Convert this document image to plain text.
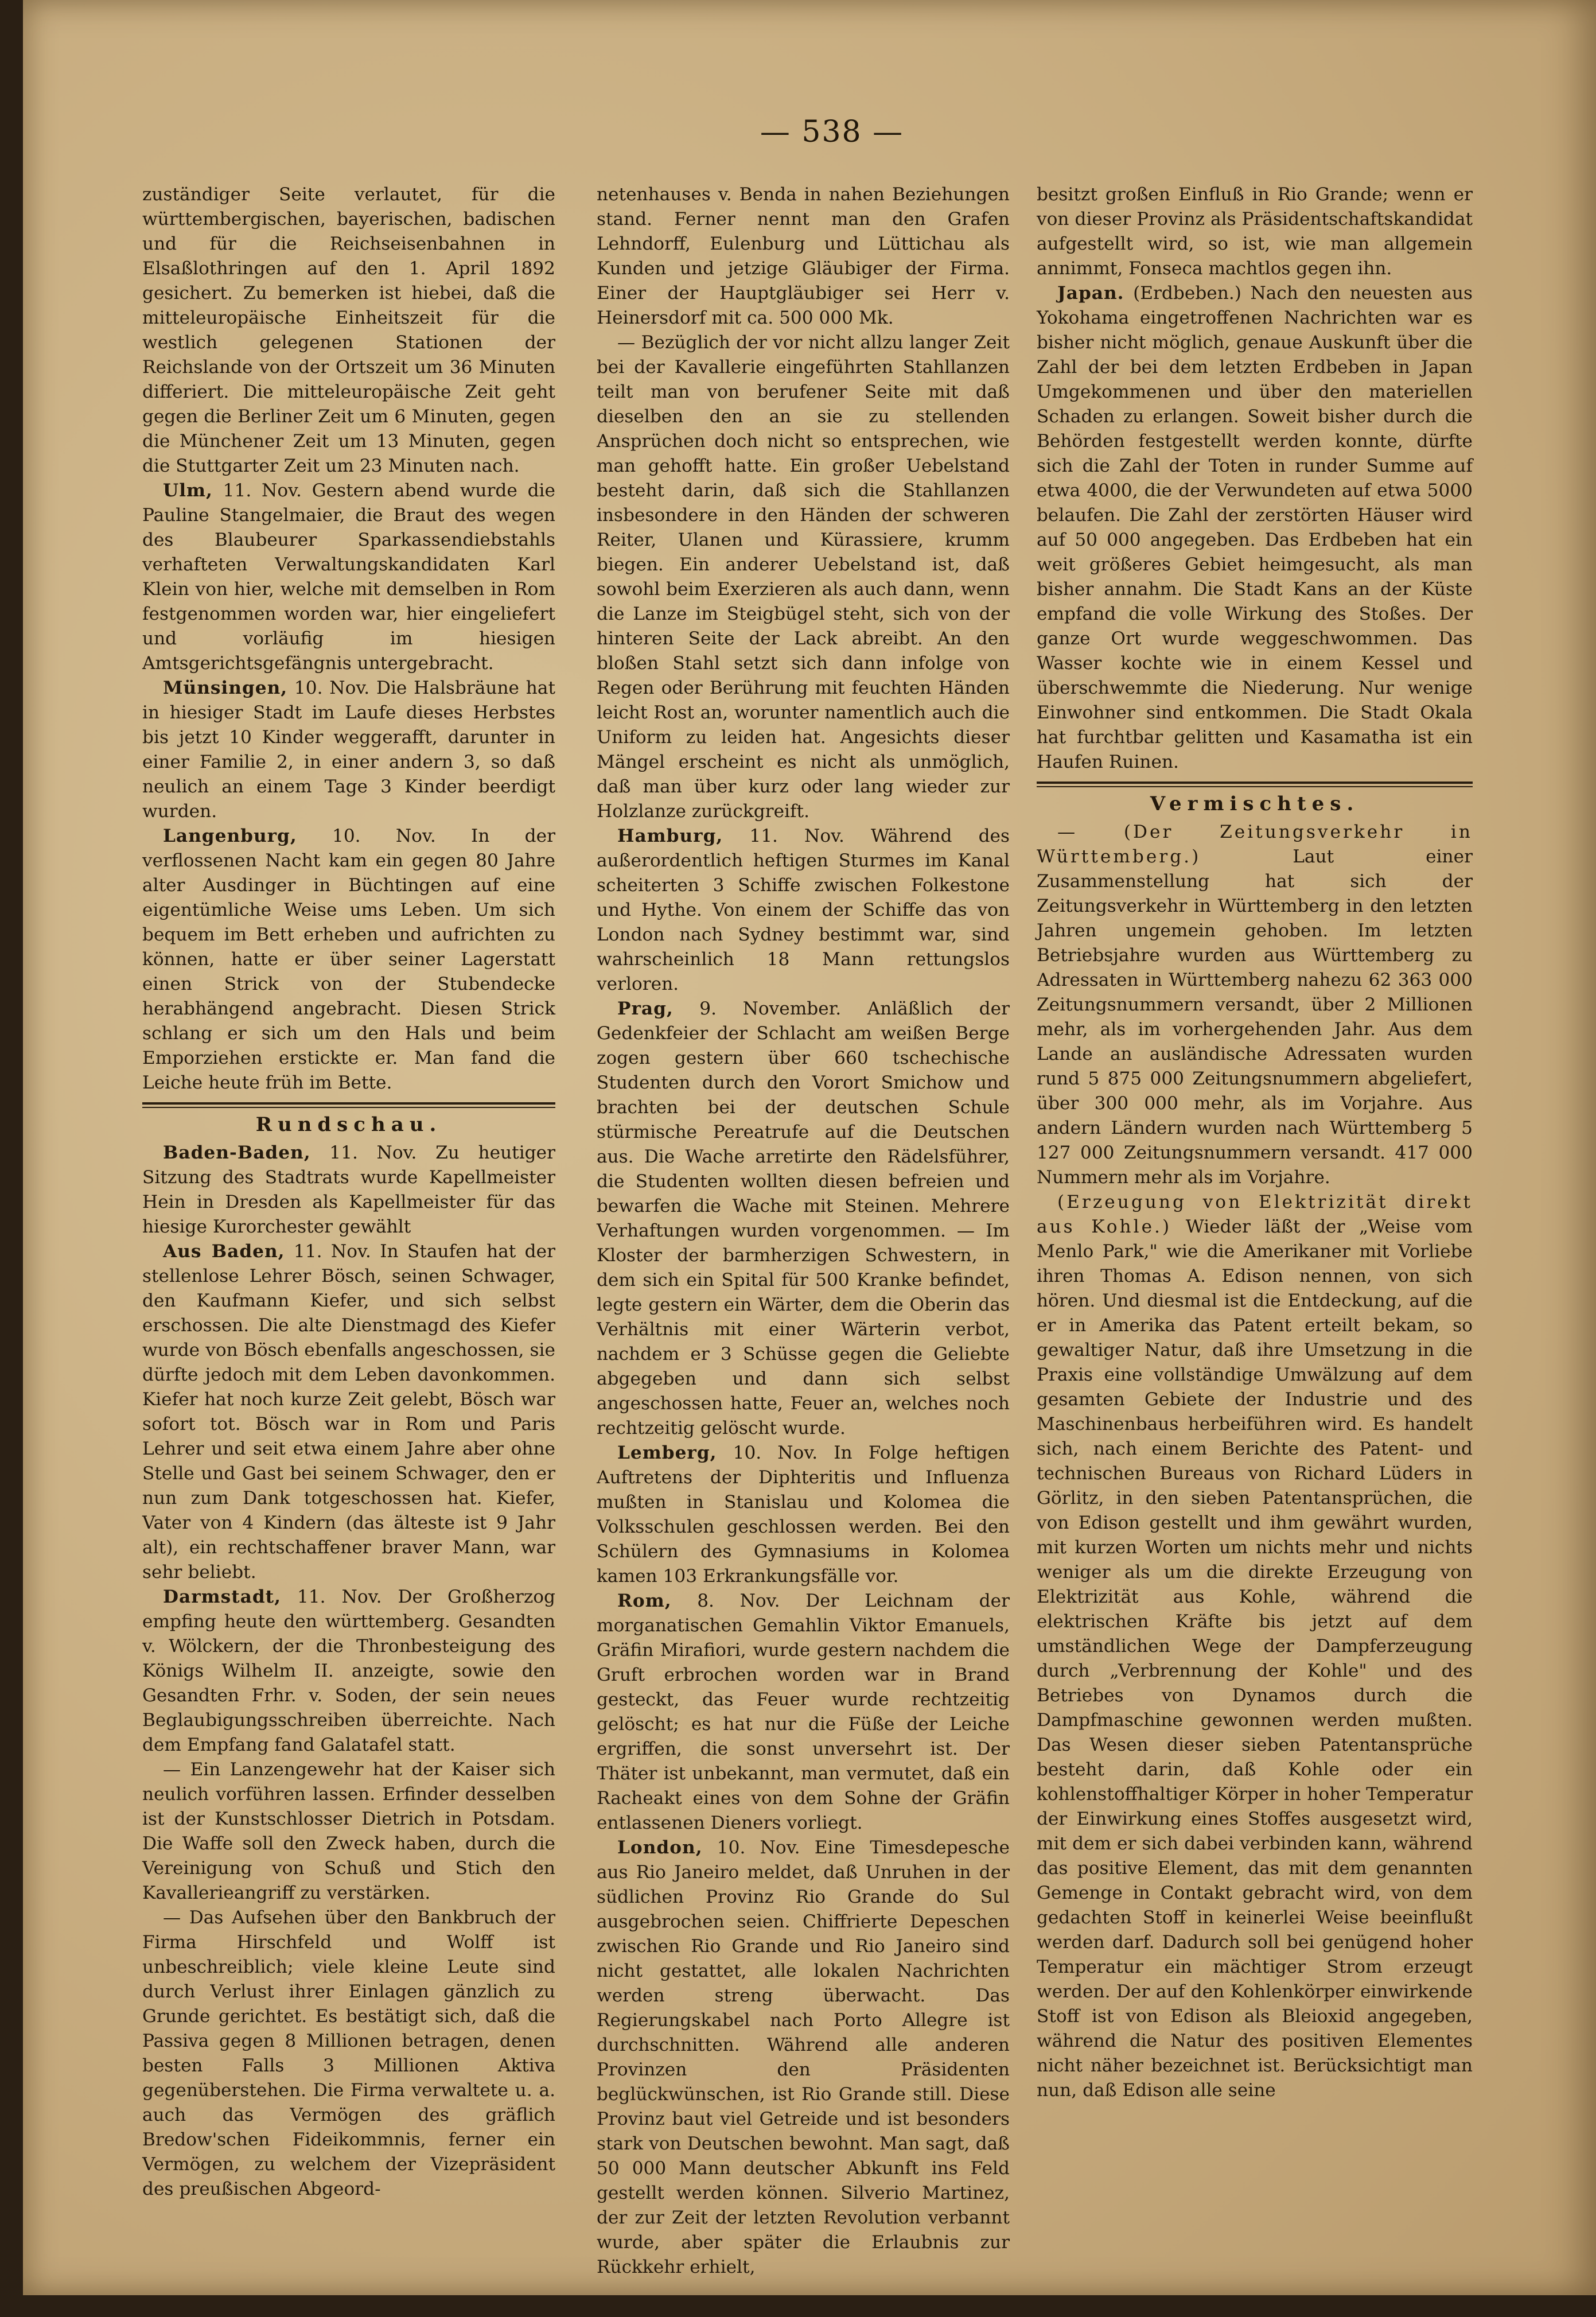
— 538 —

zuständiger Seite verlautet, für die württembergischen, bayerischen, badischen und für die Reichseisenbahnen in Elsaßlothringen auf den 1. April 1892 gesichert. Zu bemerken ist hiebei, daß die mitteleuropäische Einheitszeit für die westlich gelegenen Stationen der Reichslande von der Ortszeit um 36 Minuten differiert. Die mitteleuropäische Zeit geht gegen die Berliner Zeit um 6 Minuten, gegen die Münchener Zeit um 13 Minuten, gegen die Stuttgarter Zeit um 23 Minuten nach.

Ulm, 11. Nov. Gestern abend wurde die Pauline Stangelmaier, die Braut des wegen des Blaubeurer Sparkassendiebstahls verhafteten Verwaltungskandidaten Karl Klein von hier, welche mit demselben in Rom festgenommen worden war, hier eingeliefert und vorläufig im hiesigen Amtsgerichtsgefängnis untergebracht.

Münsingen, 10. Nov. Die Halsbräune hat in hiesiger Stadt im Laufe dieses Herbstes bis jetzt 10 Kinder weggerafft, darunter in einer Familie 2, in einer andern 3, so daß neulich an einem Tage 3 Kinder beerdigt wurden.

Langenburg, 10. Nov. In der verflossenen Nacht kam ein gegen 80 Jahre alter Ausdinger in Büchtingen auf eine eigentümliche Weise ums Leben. Um sich bequem im Bett erheben und aufrichten zu können, hatte er über seiner Lagerstatt einen Strick von der Stubendecke herabhängend angebracht. Diesen Strick schlang er sich um den Hals und beim Emporziehen erstickte er. Man fand die Leiche heute früh im Bette.

Rundschau.

Baden-Baden, 11. Nov. Zu heutiger Sitzung des Stadtrats wurde Kapellmeister Hein in Dresden als Kapellmeister für das hiesige Kurorchester gewählt

Aus Baden, 11. Nov. In Staufen hat der stellenlose Lehrer Bösch, seinen Schwager, den Kaufmann Kiefer, und sich selbst erschossen. Die alte Dienstmagd des Kiefer wurde von Bösch ebenfalls angeschossen, sie dürfte jedoch mit dem Leben davonkommen. Kiefer hat noch kurze Zeit gelebt, Bösch war sofort tot. Bösch war in Rom und Paris Lehrer und seit etwa einem Jahre aber ohne Stelle und Gast bei seinem Schwager, den er nun zum Dank totgeschossen hat. Kiefer, Vater von 4 Kindern (das älteste ist 9 Jahr alt), ein rechtschaffener braver Mann, war sehr beliebt.

Darmstadt, 11. Nov. Der Großherzog empfing heute den württemberg. Gesandten v. Wölckern, der die Thronbesteigung des Königs Wilhelm II. anzeigte, sowie den Gesandten Frhr. v. Soden, der sein neues Beglaubigungsschreiben überreichte. Nach dem Empfang fand Galatafel statt.

— Ein Lanzengewehr hat der Kaiser sich neulich vorführen lassen. Erfinder desselben ist der Kunstschlosser Dietrich in Potsdam. Die Waffe soll den Zweck haben, durch die Vereinigung von Schuß und Stich den Kavallerieangriff zu verstärken.

— Das Aufsehen über den Bankbruch der Firma Hirschfeld und Wolff ist unbeschreiblich; viele kleine Leute sind durch Verlust ihrer Einlagen gänzlich zu Grunde gerichtet. Es bestätigt sich, daß die Passiva gegen 8 Millionen betragen, denen besten Falls 3 Millionen Aktiva gegenüberstehen. Die Firma verwaltete u. a. auch das Vermögen des gräflich Bredow'schen Fideikommnis, ferner ein Vermögen, zu welchem der Vizepräsident des preußischen Abgeord-

netenhauses v. Benda in nahen Beziehungen stand. Ferner nennt man den Grafen Lehndorff, Eulenburg und Lüttichau als Kunden und jetzige Gläubiger der Firma. Einer der Hauptgläubiger sei Herr v. Heinersdorf mit ca. 500 000 Mk.

— Bezüglich der vor nicht allzu langer Zeit bei der Kavallerie eingeführten Stahllanzen teilt man von berufener Seite mit daß dieselben den an sie zu stellenden Ansprüchen doch nicht so entsprechen, wie man gehofft hatte. Ein großer Uebelstand besteht darin, daß sich die Stahllanzen insbesondere in den Händen der schweren Reiter, Ulanen und Kürassiere, krumm biegen. Ein anderer Uebelstand ist, daß sowohl beim Exerzieren als auch dann, wenn die Lanze im Steigbügel steht, sich von der hinteren Seite der Lack abreibt. An den bloßen Stahl setzt sich dann infolge von Regen oder Berührung mit feuchten Händen leicht Rost an, worunter namentlich auch die Uniform zu leiden hat. Angesichts dieser Mängel erscheint es nicht als unmöglich, daß man über kurz oder lang wieder zur Holzlanze zurückgreift.

Hamburg, 11. Nov. Während des außerordentlich heftigen Sturmes im Kanal scheiterten 3 Schiffe zwischen Folkestone und Hythe. Von einem der Schiffe das von London nach Sydney bestimmt war, sind wahrscheinlich 18 Mann rettungslos verloren.

Prag, 9. November. Anläßlich der Gedenkfeier der Schlacht am weißen Berge zogen gestern über 660 tschechische Studenten durch den Vorort Smichow und brachten bei der deutschen Schule stürmische Pereatrufe auf die Deutschen aus. Die Wache arretirte den Rädelsführer, die Studenten wollten diesen befreien und bewarfen die Wache mit Steinen. Mehrere Verhaftungen wurden vorgenommen. — Im Kloster der barmherzigen Schwestern, in dem sich ein Spital für 500 Kranke befindet, legte gestern ein Wärter, dem die Oberin das Verhältnis mit einer Wärterin verbot, nachdem er 3 Schüsse gegen die Geliebte abgegeben und dann sich selbst angeschossen hatte, Feuer an, welches noch rechtzeitig gelöscht wurde.

Lemberg, 10. Nov. In Folge heftigen Auftretens der Diphteritis und Influenza mußten in Stanislau und Kolomea die Volksschulen geschlossen werden. Bei den Schülern des Gymnasiums in Kolomea kamen 103 Erkrankungsfälle vor.

Rom, 8. Nov. Der Leichnam der morganatischen Gemahlin Viktor Emanuels, Gräfin Mirafiori, wurde gestern nachdem die Gruft erbrochen worden war in Brand gesteckt, das Feuer wurde rechtzeitig gelöscht; es hat nur die Füße der Leiche ergriffen, die sonst unversehrt ist. Der Thäter ist unbekannt, man vermutet, daß ein Racheakt eines von dem Sohne der Gräfin entlassenen Dieners vorliegt.

London, 10. Nov. Eine Timesdepesche aus Rio Janeiro meldet, daß Unruhen in der südlichen Provinz Rio Grande do Sul ausgebrochen seien. Chiffrierte Depeschen zwischen Rio Grande und Rio Janeiro sind nicht gestattet, alle lokalen Nachrichten werden streng überwacht. Das Regierungskabel nach Porto Allegre ist durchschnitten. Während alle anderen Provinzen den Präsidenten beglückwünschen, ist Rio Grande still. Diese Provinz baut viel Getreide und ist besonders stark von Deutschen bewohnt. Man sagt, daß 50 000 Mann deutscher Abkunft ins Feld gestellt werden können. Silverio Martinez, der zur Zeit der letzten Revolution verbannt wurde, aber später die Erlaubnis zur Rückkehr erhielt,

besitzt großen Einfluß in Rio Grande; wenn er von dieser Provinz als Präsidentschaftskandidat aufgestellt wird, so ist, wie man allgemein annimmt, Fonseca machtlos gegen ihn.

Japan. (Erdbeben.) Nach den neuesten aus Yokohama eingetroffenen Nachrichten war es bisher nicht möglich, genaue Auskunft über die Zahl der bei dem letzten Erdbeben in Japan Umgekommenen und über den materiellen Schaden zu erlangen. Soweit bisher durch die Behörden festgestellt werden konnte, dürfte sich die Zahl der Toten in runder Summe auf etwa 4000, die der Verwundeten auf etwa 5000 belaufen. Die Zahl der zerstörten Häuser wird auf 50 000 angegeben. Das Erdbeben hat ein weit größeres Gebiet heimgesucht, als man bisher annahm. Die Stadt Kans an der Küste empfand die volle Wirkung des Stoßes. Der ganze Ort wurde weggeschwommen. Das Wasser kochte wie in einem Kessel und überschwemmte die Niederung. Nur wenige Einwohner sind entkommen. Die Stadt Okala hat furchtbar gelitten und Kasamatha ist ein Haufen Ruinen.

Vermischtes.

— (Der Zeitungsverkehr in Württemberg.) Laut einer Zusammenstellung hat sich der Zeitungsverkehr in Württemberg in den letzten Jahren ungemein gehoben. Im letzten Betriebsjahre wurden aus Württemberg zu Adressaten in Württemberg nahezu 62 363 000 Zeitungsnummern versandt, über 2 Millionen mehr, als im vorhergehenden Jahr. Aus dem Lande an ausländische Adressaten wurden rund 5 875 000 Zeitungsnummern abgeliefert, über 300 000 mehr, als im Vorjahre. Aus andern Ländern wurden nach Württemberg 5 127 000 Zeitungsnummern versandt. 417 000 Nummern mehr als im Vorjahre.

(Erzeugung von Elektrizität direkt aus Kohle.) Wieder läßt der „Weise vom Menlo Park," wie die Amerikaner mit Vorliebe ihren Thomas A. Edison nennen, von sich hören. Und diesmal ist die Entdeckung, auf die er in Amerika das Patent erteilt bekam, so gewaltiger Natur, daß ihre Umsetzung in die Praxis eine vollständige Umwälzung auf dem gesamten Gebiete der Industrie und des Maschinenbaus herbeiführen wird. Es handelt sich, nach einem Berichte des Patent- und technischen Bureaus von Richard Lüders in Görlitz, in den sieben Patentansprüchen, die von Edison gestellt und ihm gewährt wurden, mit kurzen Worten um nichts mehr und nichts weniger als um die direkte Erzeugung von Elektrizität aus Kohle, während die elektrischen Kräfte bis jetzt auf dem umständlichen Wege der Dampferzeugung durch „Verbrennung der Kohle" und des Betriebes von Dynamos durch die Dampfmaschine gewonnen werden mußten. Das Wesen dieser sieben Patentansprüche besteht darin, daß Kohle oder ein kohlenstoffhaltiger Körper in hoher Temperatur der Einwirkung eines Stoffes ausgesetzt wird, mit dem er sich dabei verbinden kann, während das positive Element, das mit dem genannten Gemenge in Contakt gebracht wird, von dem gedachten Stoff in keinerlei Weise beeinflußt werden darf. Dadurch soll bei genügend hoher Temperatur ein mächtiger Strom erzeugt werden. Der auf den Kohlenkörper einwirkende Stoff ist von Edison als Bleioxid angegeben, während die Natur des positiven Elementes nicht näher bezeichnet ist. Berücksichtigt man nun, daß Edison alle seine
